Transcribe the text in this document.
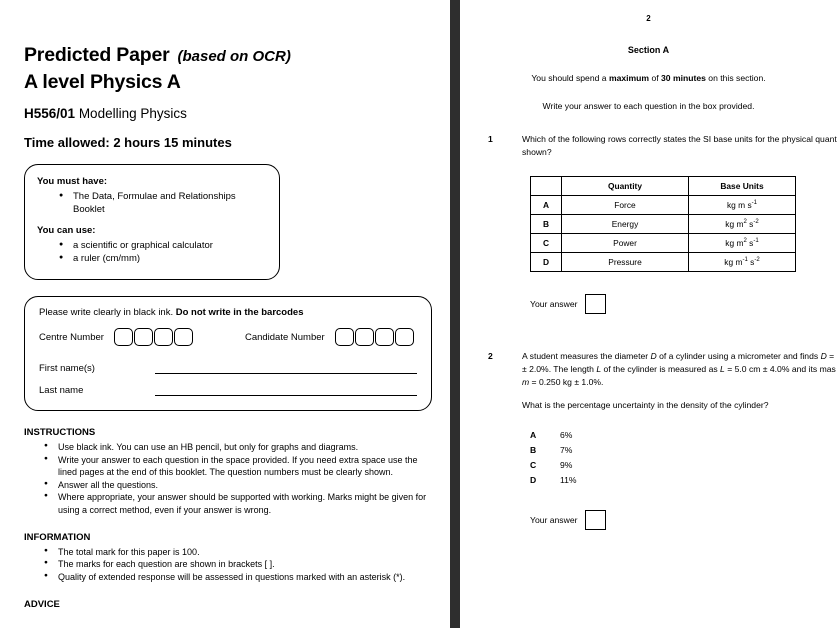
Predicted Paper (based on OCR)
A level Physics A
H556/01 Modelling Physics
Time allowed: 2 hours 15 minutes
You must have:
● The Data, Formulae and Relationships Booklet
You can use:
● a scientific or graphical calculator
● a ruler (cm/mm)
Please write clearly in black ink. Do not write in the barcodes
Centre Number	Candidate Number
First name(s)
Last name
INSTRUCTIONS
● Use black ink. You can use an HB pencil, but only for graphs and diagrams.
● Write your answer to each question in the space provided. If you need extra space use the lined pages at the end of this booklet. The question numbers must be clearly shown.
● Answer all the questions.
● Where appropriate, your answer should be supported with working. Marks might be given for using a correct method, even if your answer is wrong.
INFORMATION
● The total mark for this paper is 100.
● The marks for each question are shown in brackets [ ].
● Quality of extended response will be assessed in questions marked with an asterisk (*).
ADVICE
2
Section A
You should spend a maximum of 30 minutes on this section.
Write your answer to each question in the box provided.
1	Which of the following rows correctly states the SI base units for the physical quant
shown?
	Quantity	Base Units
A	Force	kg m $s^{-1}$
B	Energy	kg $m^2$ $s^{-2}$
C	Power	kg $m^2$ $s^{-1}$
D	Pressure	kg $m^{-1}$ $s^{-2}$
Your answer
2	A student measures the diameter D of a cylinder using a micrometer and finds D =
± 2.0%. The length L of the cylinder is measured as L = 5.0 cm ± 4.0% and its mas
m = 0.250 kg ± 1.0%.
What is the percentage uncertainty in the density of the cylinder?
A	6%
B	7%
C	9%
D	11%
Your answer
